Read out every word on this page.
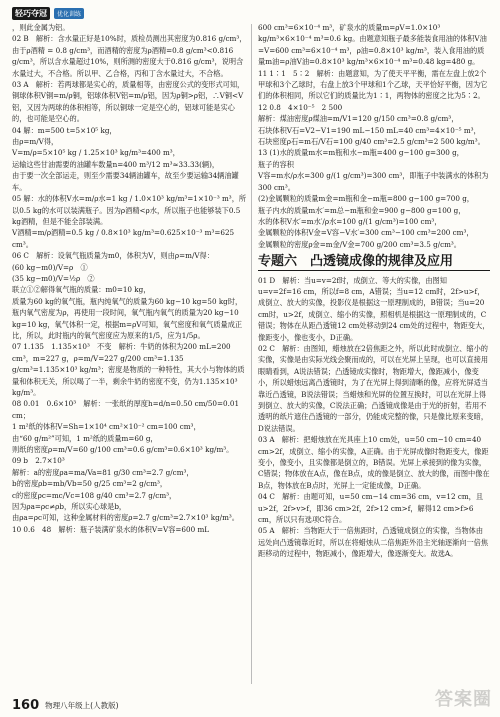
轻巧夺冠	优化训练

，则此金属为铝。

02 B　解析：含水量正好是10%时，质检员测出其密度为0.816 g/cm³，由于ρ酒精 = 0.8 g/cm³，而酒精的密度为ρ酒精=0.8 g/cm³<0.816 g/cm³，所以含水量超过10%，则所测的密度大于0.816 g/cm³，说明含水量过大，不合格。所以甲、乙合格，丙和丁含水量过大，不合格。

03 A　解析：若两球都是实心的，质量相等，由密度公式的变形式可知，铜球体积V铜=m/ρ铜，铝球体积V铝=m/ρ铝，因为ρ铜>ρ铝，∴V铜<V铝，又因为两球的体积相等，所以铜球一定是空心的，铝球可能是实心的，也可能是空心的。

04 解：m=500 t=5×10⁵ kg，

由ρ=m/V得，

V=m/ρ=5×10⁵ kg / 1.25×10³ kg/m³=400 m³，

运输这些甘油需要的油罐车数量n=400 m³/12 m³≈33.33(辆)，

由于要一次全部运走，则至少需要34辆油罐车，故至少要运输34辆油罐车。

05 解：水的体积V水=m/ρ水=1 kg / 1.0×10³ kg/m³=1×10⁻³ m³，所以0.5 kg的水可以装满瓶子。因为ρ酒精<ρ水，所以瓶子也能够装下0.5 kg酒精，但是不能全部装满。

V酒精=m/ρ酒精=0.5 kg / 0.8×10³ kg/m³=0.625×10⁻³ m³=625 cm³。

06 C　解析：设氧气瓶质量为m0，体积为V，则由ρ=m/V得：

(60 kg−m0)/V=ρ　①

(35 kg−m0)/V=½ρ　②

联立①②解得氧气瓶的质量：m0=10 kg，

质量为60 kg的氧气瓶，瓶内纯氧气的质量为60 kg−10 kg=50 kg时，瓶内氧气密度为ρ，再使用一段时间，氧气瓶内氧气的质量为20 kg−10 kg=10 kg，氧气体积一定，根据m=ρV可知，氧气密度和氧气质量成正比，所以，此时瓶内的氧气密度应为原来的1/5，应为1/5ρ。

07 1.135　1.135×10³　不变　解析：牛奶的体积为200 mL=200 cm³，m=227 g，ρ=m/V=227 g/200 cm³=1.135 g/cm³=1.135×10³ kg/m³；密度是物质的一种特性，其大小与物体的质量和体积无关，所以喝了一半，剩余牛奶的密度不变，仍为1.135×10³ kg/m³。

08 0.01　0.6×10³　解析：一张纸的厚度h=d/n=0.50 cm/50=0.01 cm；

1 m²纸的体积V=Sh=1×10⁴ cm²×10⁻² cm=100 cm³，

由“60 g/m²”可知，1 m²纸的质量m=60 g，

则纸的密度ρ=m/V=60 g/100 cm³=0.6 g/cm³=0.6×10³ kg/m³。

09 b　2.7×10³

解析：a的密度ρa=ma/Va=81 g/30 cm³=2.7 g/cm³，

b的密度ρb=mb/Vb=50 g/25 cm³=2 g/cm³，

c的密度ρc=mc/Vc=108 g/40 cm³=2.7 g/cm³，

因为ρa=ρc≠ρb，所以实心球是b，

由ρa=ρc可知，这种金属材料的密度ρ=2.7 g/cm³=2.7×10³ kg/m³。

10 0.6　48　解析：瓶子装满矿泉水的体积V=V容=600 mL

600 cm³=6×10⁻⁴ m³，矿泉水的质量m=ρV=1.0×10³ kg/m³×6×10⁻⁴ m³=0.6 kg。由题意知瓶子最多能装食用油的体积V油=V=600 cm³=6×10⁻⁴ m³，ρ油=0.8×10³ kg/m³，装入食用油的质量m油=ρ油V油=0.8×10³ kg/m³×6×10⁻⁴ m³=0.48 kg=480 g。

11 1∶1　5∶2　解析：由题意知，为了使天平平衡，需在左盘上放2个甲球和3个乙球时，右盘上放3个甲球和1个乙球，天平恰好平衡，因为它们的体积相同，所以它们的质量比为1∶1，两物体的密度之比为5∶2。

12 0.8　4×10⁻⁵　2 500

解析：煤油密度ρ煤油=m/V1=120 g/150 cm³=0.8 g/cm³，

石块体积V石=V2−V1=190 mL−150 mL=40 cm³=4×10⁻⁵ m³，

石块密度ρ石=m石/V石=100 g/40 cm³=2.5 g/cm³=2 500 kg/m³。

13 (1)水的质量m水=m瓶和水−m瓶=400 g−100 g=300 g，

瓶子的容积

V容=m水/ρ水=300 g/(1 g/cm³)=300 cm³，即瓶子中装满水的体积为300 cm³。

(2)金属颗粒的质量m金=m瓶和金−m瓶=800 g−100 g=700 g，

瓶子内水的质量m水′=m总−m瓶和金=900 g−800 g=100 g，

水的体积V水′=m水′/ρ水=100 g/(1 g/cm³)=100 cm³，

金属颗粒的体积V金=V容−V水′=300 cm³−100 cm³=200 cm³，

金属颗粒的密度ρ金=m金/V金=700 g/200 cm³=3.5 g/cm³。

专题六　凸透镜成像的规律及应用

01 D　解析：当u=v=2f时，成倒立、等大的实像，由图知u=v=2f=16 cm，所以f=8 cm，A错误；当u=12 cm时，2f>u>f，成倒立、放大的实像，投影仪是根据这一原理制成的，B错误；当u=20 cm时，u>2f，成倒立、缩小的实像，照相机是根据这一原理制成的，C错误；物体在从距凸透镜12 cm处移动到24 cm处的过程中，物距变大，像距变小，像也变小，D正确。

02 C　解析：由图知，蜡烛放在2倍焦距之外，所以此时成倒立、缩小的实像，实像是由实际光线会聚而成的，可以在光屏上呈现，也可以直接用眼睛看到，A说法错误；凸透镜成实像时，物距增大，像距减小，像变小，所以蜡烛远离凸透镜时，为了在光屏上得到清晰的像，应将光屏适当靠近凸透镜，B说法错误；当蜡烛和光屏的位置互换时，可以在光屏上得到倒立、放大的实像，C说法正确；凸透镜成像是由于光的折射，若用不透明的纸片遮住凸透镜的一部分，仍能成完整的像，只是像比原来变暗，D说法错误。

03 A　解析：把蜡烛放在光具座上10 cm处，u=50 cm−10 cm=40 cm>2f，成倒立、缩小的实像，A正确。由于光屏成像时物距变大，像距变小，像变小，且实像都是倒立的，B错误。光屏上承接到的像为实像，C错误；物体放在A点，像在B点，成的像是倒立、放大的像，而图中像在B点，物体放在B点时，光屏上一定能成像，D正确。

04 C　解析：由题可知，u=50 cm−14 cm=36 cm，v=12 cm，且u>2f，2f>v>f，即36 cm>2f，2f>12 cm>f，解得12 cm>f>6 cm，所以只有选项C符合。

05 A　解析：当物距大于一倍焦距时，凸透镜成倒立的实像，当物体由远处向凸透镜靠近时，所以在将蜡烛从二倍焦距外沿主光轴逐渐向一倍焦距移动的过程中，物距减小，像距增大，像逐渐变大。故选A。

160 物理八年级上(人教版)	答案圈
